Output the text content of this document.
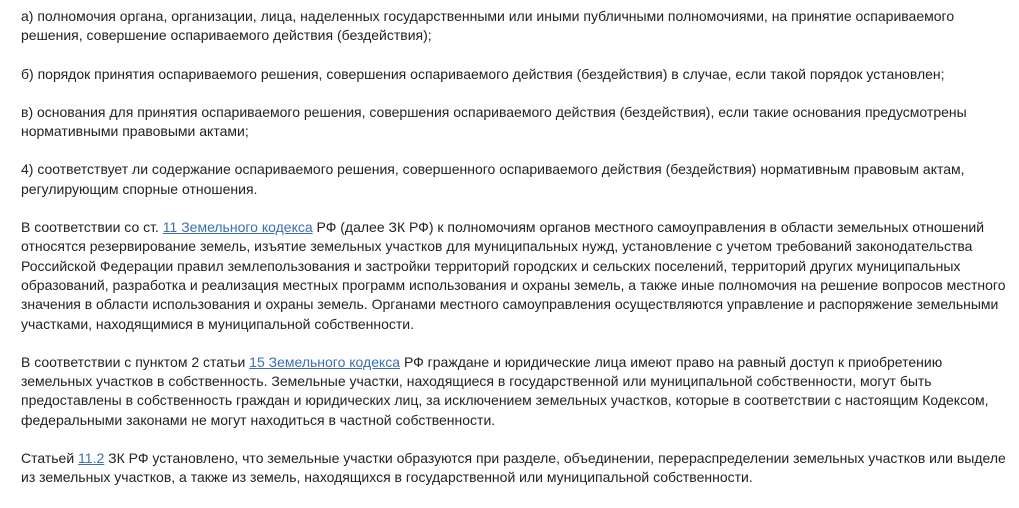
а) полномочия органа, организации, лица, наделенных государственными или иными публичными полномочиями, на принятие оспариваемого решения, совершение оспариваемого действия (бездействия);

б) порядок принятия оспариваемого решения, совершения оспариваемого действия (бездействия) в случае, если такой порядок установлен;

в) основания для принятия оспариваемого решения, совершения оспариваемого действия (бездействия), если такие основания предусмотрены нормативными правовыми актами;

4) соответствует ли содержание оспариваемого решения, совершенного оспариваемого действия (бездействия) нормативным правовым актам, регулирующим спорные отношения.

В соответствии со ст. 11 Земельного кодекса РФ (далее ЗК РФ) к полномочиям органов местного самоуправления в области земельных отношений относятся резервирование земель, изъятие земельных участков для муниципальных нужд, установление с учетом требований законодательства Российской Федерации правил землепользования и застройки территорий городских и сельских поселений, территорий других муниципальных образований, разработка и реализация местных программ использования и охраны земель, а также иные полномочия на решение вопросов местного значения в области использования и охраны земель. Органами местного самоуправления осуществляются управление и распоряжение земельными участками, находящимися в муниципальной собственности.

В соответствии с пунктом 2 статьи 15 Земельного кодекса РФ граждане и юридические лица имеют право на равный доступ к приобретению земельных участков в собственность. Земельные участки, находящиеся в государственной или муниципальной собственности, могут быть предоставлены в собственность граждан и юридических лиц, за исключением земельных участков, которые в соответствии с настоящим Кодексом, федеральными законами не могут находиться в частной собственности.

Статьей 11.2 ЗК РФ установлено, что земельные участки образуются при разделе, объединении, перераспределении земельных участков или выделе из земельных участков, а также из земель, находящихся в государственной или муниципальной собственности.
